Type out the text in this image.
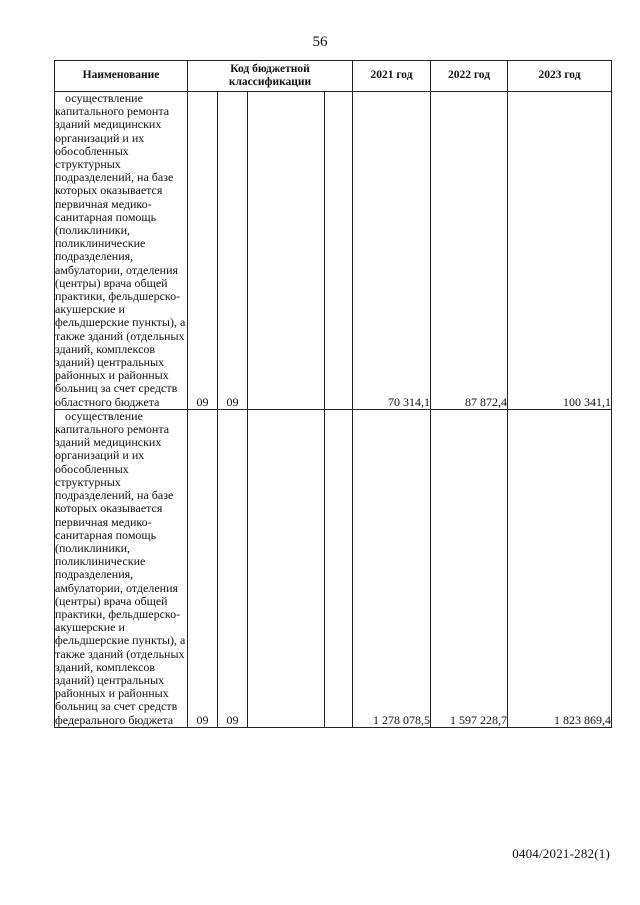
56
Наименование	Код бюджетной классификации				2021 год	2022 год	2023 год

осуществление капитального ремонта зданий медицинских организаций и их обособленных структурных подразделений, на базе которых оказывается первичная медико-санитарная помощь (поликлиники, поликлинические подразделения, амбулатории, отделения (центры) врача общей практики, фельдшерско-акушерские и фельдшерские пункты), а также зданий (отдельных зданий, комплексов зданий) центральных районных и районных больниц за счет средств областного бюджета	09	09			70 314,1	87 872,4	100 341,1

осуществление капитального ремонта зданий медицинских организаций и их обособленных структурных подразделений, на базе которых оказывается первичная медико-санитарная помощь (поликлиники, поликлинические подразделения, амбулатории, отделения (центры) врача общей практики, фельдшерско-акушерские и фельдшерские пункты), а также зданий (отдельных зданий, комплексов зданий) центральных районных и районных больниц за счет средств федерального бюджета	09	09			1 278 078,5	1 597 228,7	1 823 869,4
0404/2021-282(1)
